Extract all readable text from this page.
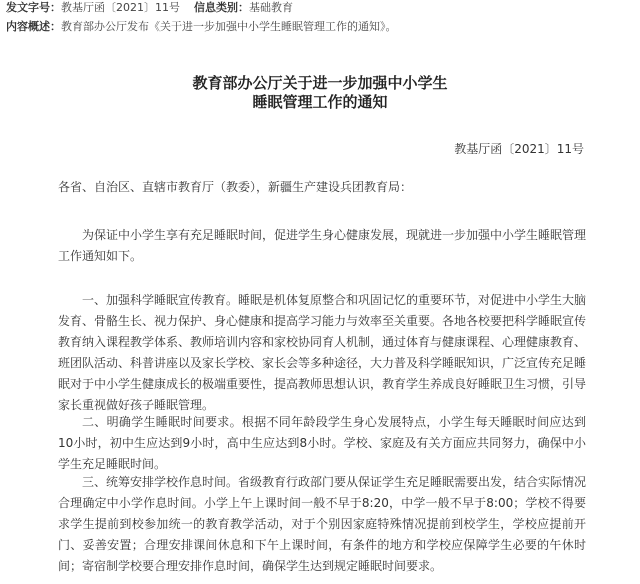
发文字号：教基厅函〔2021〕11号 信息类别：基础教育
内容概述：教育部办公厅发布《关于进一步加强中小学生睡眠管理工作的通知》。
教育部办公厅关于进一步加强中小学生
睡眠管理工作的通知
教基厅函〔2021〕11号
各省、自治区、直辖市教育厅（教委），新疆生产建设兵团教育局：

为保证中小学生享有充足睡眠时间，促进学生身心健康发展，现就进一步加强中小学生睡眠管理工作通知如下。

一、加强科学睡眠宣传教育。睡眠是机体复原整合和巩固记忆的重要环节，对促进中小学生大脑发育、骨骼生长、视力保护、身心健康和提高学习能力与效率至关重要。各地各校要把科学睡眠宣传教育纳入课程教学体系、教师培训内容和家校协同育人机制，通过体育与健康课程、心理健康教育、班团队活动、科普讲座以及家长学校、家长会等多种途径，大力普及科学睡眠知识，广泛宣传充足睡眠对于中小学生健康成长的极端重要性，提高教师思想认识，教育学生养成良好睡眠卫生习惯，引导家长重视做好孩子睡眠管理。

二、明确学生睡眠时间要求。根据不同年龄段学生身心发展特点，小学生每天睡眠时间应达到10小时，初中生应达到9小时，高中生应达到8小时。学校、家庭及有关方面应共同努力，确保中小学生充足睡眠时间。

三、统筹安排学校作息时间。省级教育行政部门要从保证学生充足睡眠需要出发，结合实际情况合理确定中小学作息时间。小学上午上课时间一般不早于8:20，中学一般不早于8:00；学校不得要求学生提前到校参加统一的教育教学活动，对于个别因家庭特殊情况提前到校学生，学校应提前开门、妥善安置；合理安排课间休息和下午上课时间，有条件的地方和学校应保障学生必要的午休时间；寄宿制学校要合理安排作息时间，确保学生达到规定睡眠时间要求。
